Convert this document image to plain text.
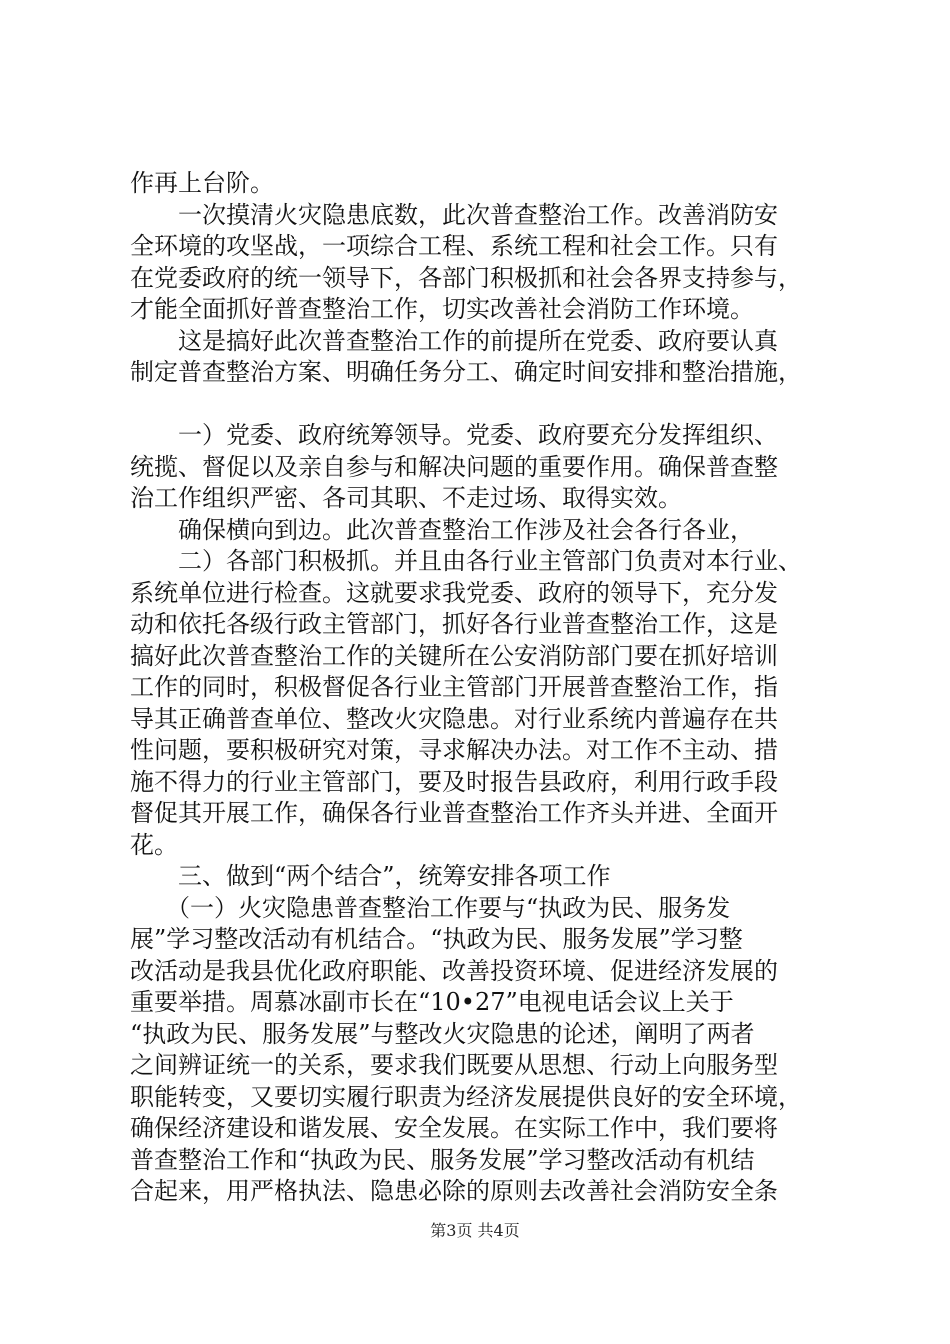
作再上台阶。
　　一次摸清火灾隐患底数，此次普查整治工作。改善消防安
全环境的攻坚战，一项综合工程、系统工程和社会工作。只有
在党委政府的统一领导下，各部门积极抓和社会各界支持参与，
才能全面抓好普查整治工作，切实改善社会消防工作环境。
　　这是搞好此次普查整治工作的前提所在党委、政府要认真
制定普查整治方案、明确任务分工、确定时间安排和整治措施，
　　一）党委、政府统筹领导。党委、政府要充分发挥组织、
统揽、督促以及亲自参与和解决问题的重要作用。确保普查整
治工作组织严密、各司其职、不走过场、取得实效。
　　确保横向到边。此次普查整治工作涉及社会各行各业，
　　二）各部门积极抓。并且由各行业主管部门负责对本行业、
系统单位进行检查。这就要求我党委、政府的领导下，充分发
动和依托各级行政主管部门，抓好各行业普查整治工作，这是
搞好此次普查整治工作的关键所在公安消防部门要在抓好培训
工作的同时，积极督促各行业主管部门开展普查整治工作，指
导其正确普查单位、整改火灾隐患。对行业系统内普遍存在共
性问题，要积极研究对策，寻求解决办法。对工作不主动、措
施不得力的行业主管部门，要及时报告县政府，利用行政手段
督促其开展工作，确保各行业普查整治工作齐头并进、全面开
花。
　　三、做到“两个结合”，统筹安排各项工作
　　（一）火灾隐患普查整治工作要与“执政为民、服务发
展”学习整改活动有机结合。“执政为民、服务发展”学习整
改活动是我县优化政府职能、改善投资环境、促进经济发展的
重要举措。周慕冰副市长在“10•27”电视电话会议上关于
“执政为民、服务发展”与整改火灾隐患的论述，阐明了两者
之间辨证统一的关系，要求我们既要从思想、行动上向服务型
职能转变，又要切实履行职责为经济发展提供良好的安全环境，
确保经济建设和谐发展、安全发展。在实际工作中，我们要将
普查整治工作和“执政为民、服务发展”学习整改活动有机结
合起来，用严格执法、隐患必除的原则去改善社会消防安全条
第3页 共4页
